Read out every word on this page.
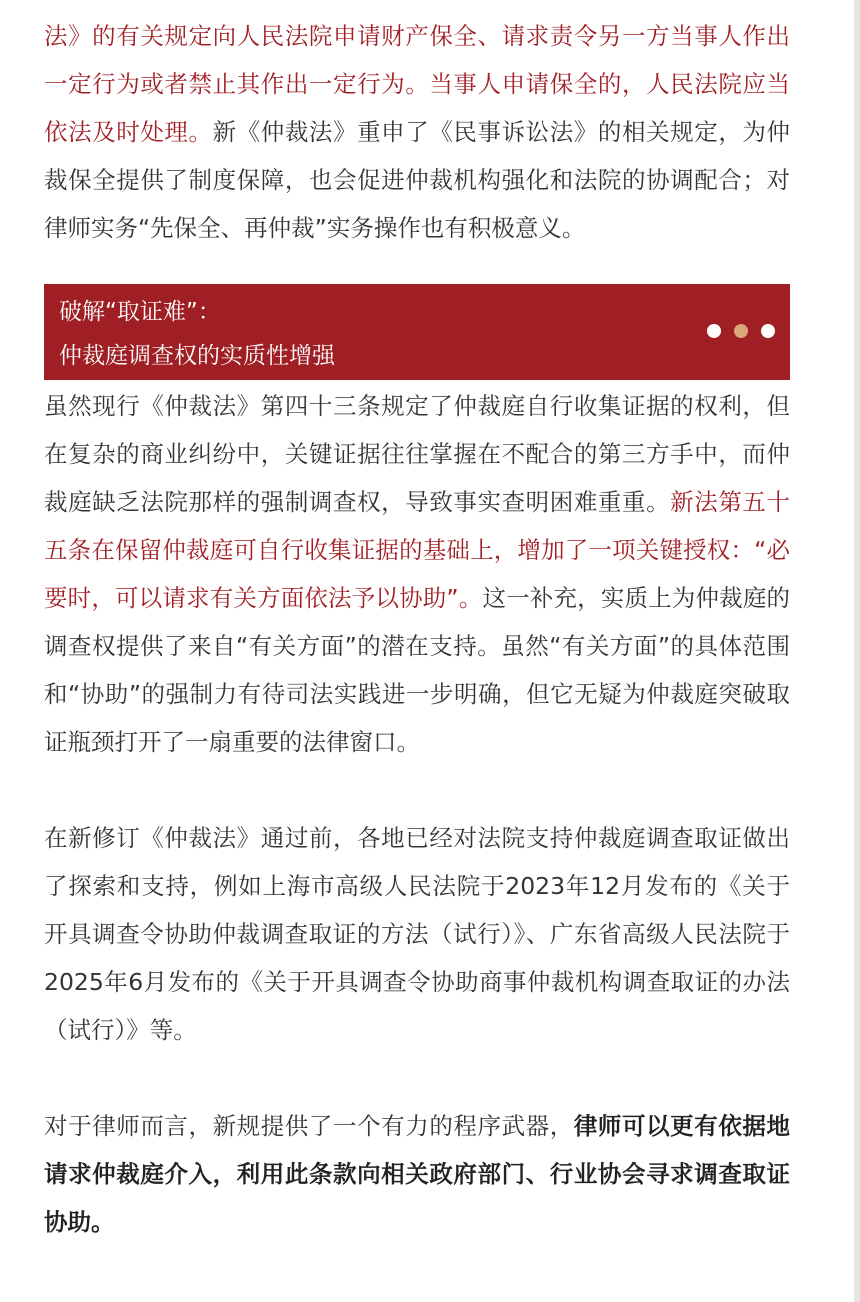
法》的有关规定向人民法院申请财产保全、请求责令另一方当事人作出一定行为或者禁止其作出一定行为。当事人申请保全的，人民法院应当依法及时处理。新《仲裁法》重申了《民事诉讼法》的相关规定，为仲裁保全提供了制度保障，也会促进仲裁机构强化和法院的协调配合；对律师实务“先保全、再仲裁”实务操作也有积极意义。

破解“取证难”：
仲裁庭调查权的实质性增强

虽然现行《仲裁法》第四十三条规定了仲裁庭自行收集证据的权利，但在复杂的商业纠纷中，关键证据往往掌握在不配合的第三方手中，而仲裁庭缺乏法院那样的强制调查权，导致事实查明困难重重。新法第五十五条在保留仲裁庭可自行收集证据的基础上，增加了一项关键授权：“必要时，可以请求有关方面依法予以协助”。这一补充，实质上为仲裁庭的调查权提供了来自“有关方面”的潜在支持。虽然“有关方面”的具体范围和“协助”的强制力有待司法实践进一步明确，但它无疑为仲裁庭突破取证瓶颈打开了一扇重要的法律窗口。

在新修订《仲裁法》通过前，各地已经对法院支持仲裁庭调查取证做出了探索和支持，例如上海市高级人民法院于2023年12月发布的《关于开具调查令协助仲裁调查取证的方法（试行）》、广东省高级人民法院于2025年6月发布的《关于开具调查令协助商事仲裁机构调查取证的办法（试行）》等。

对于律师而言，新规提供了一个有力的程序武器，律师可以更有依据地请求仲裁庭介入，利用此条款向相关政府部门、行业协会寻求调查取证协助。
